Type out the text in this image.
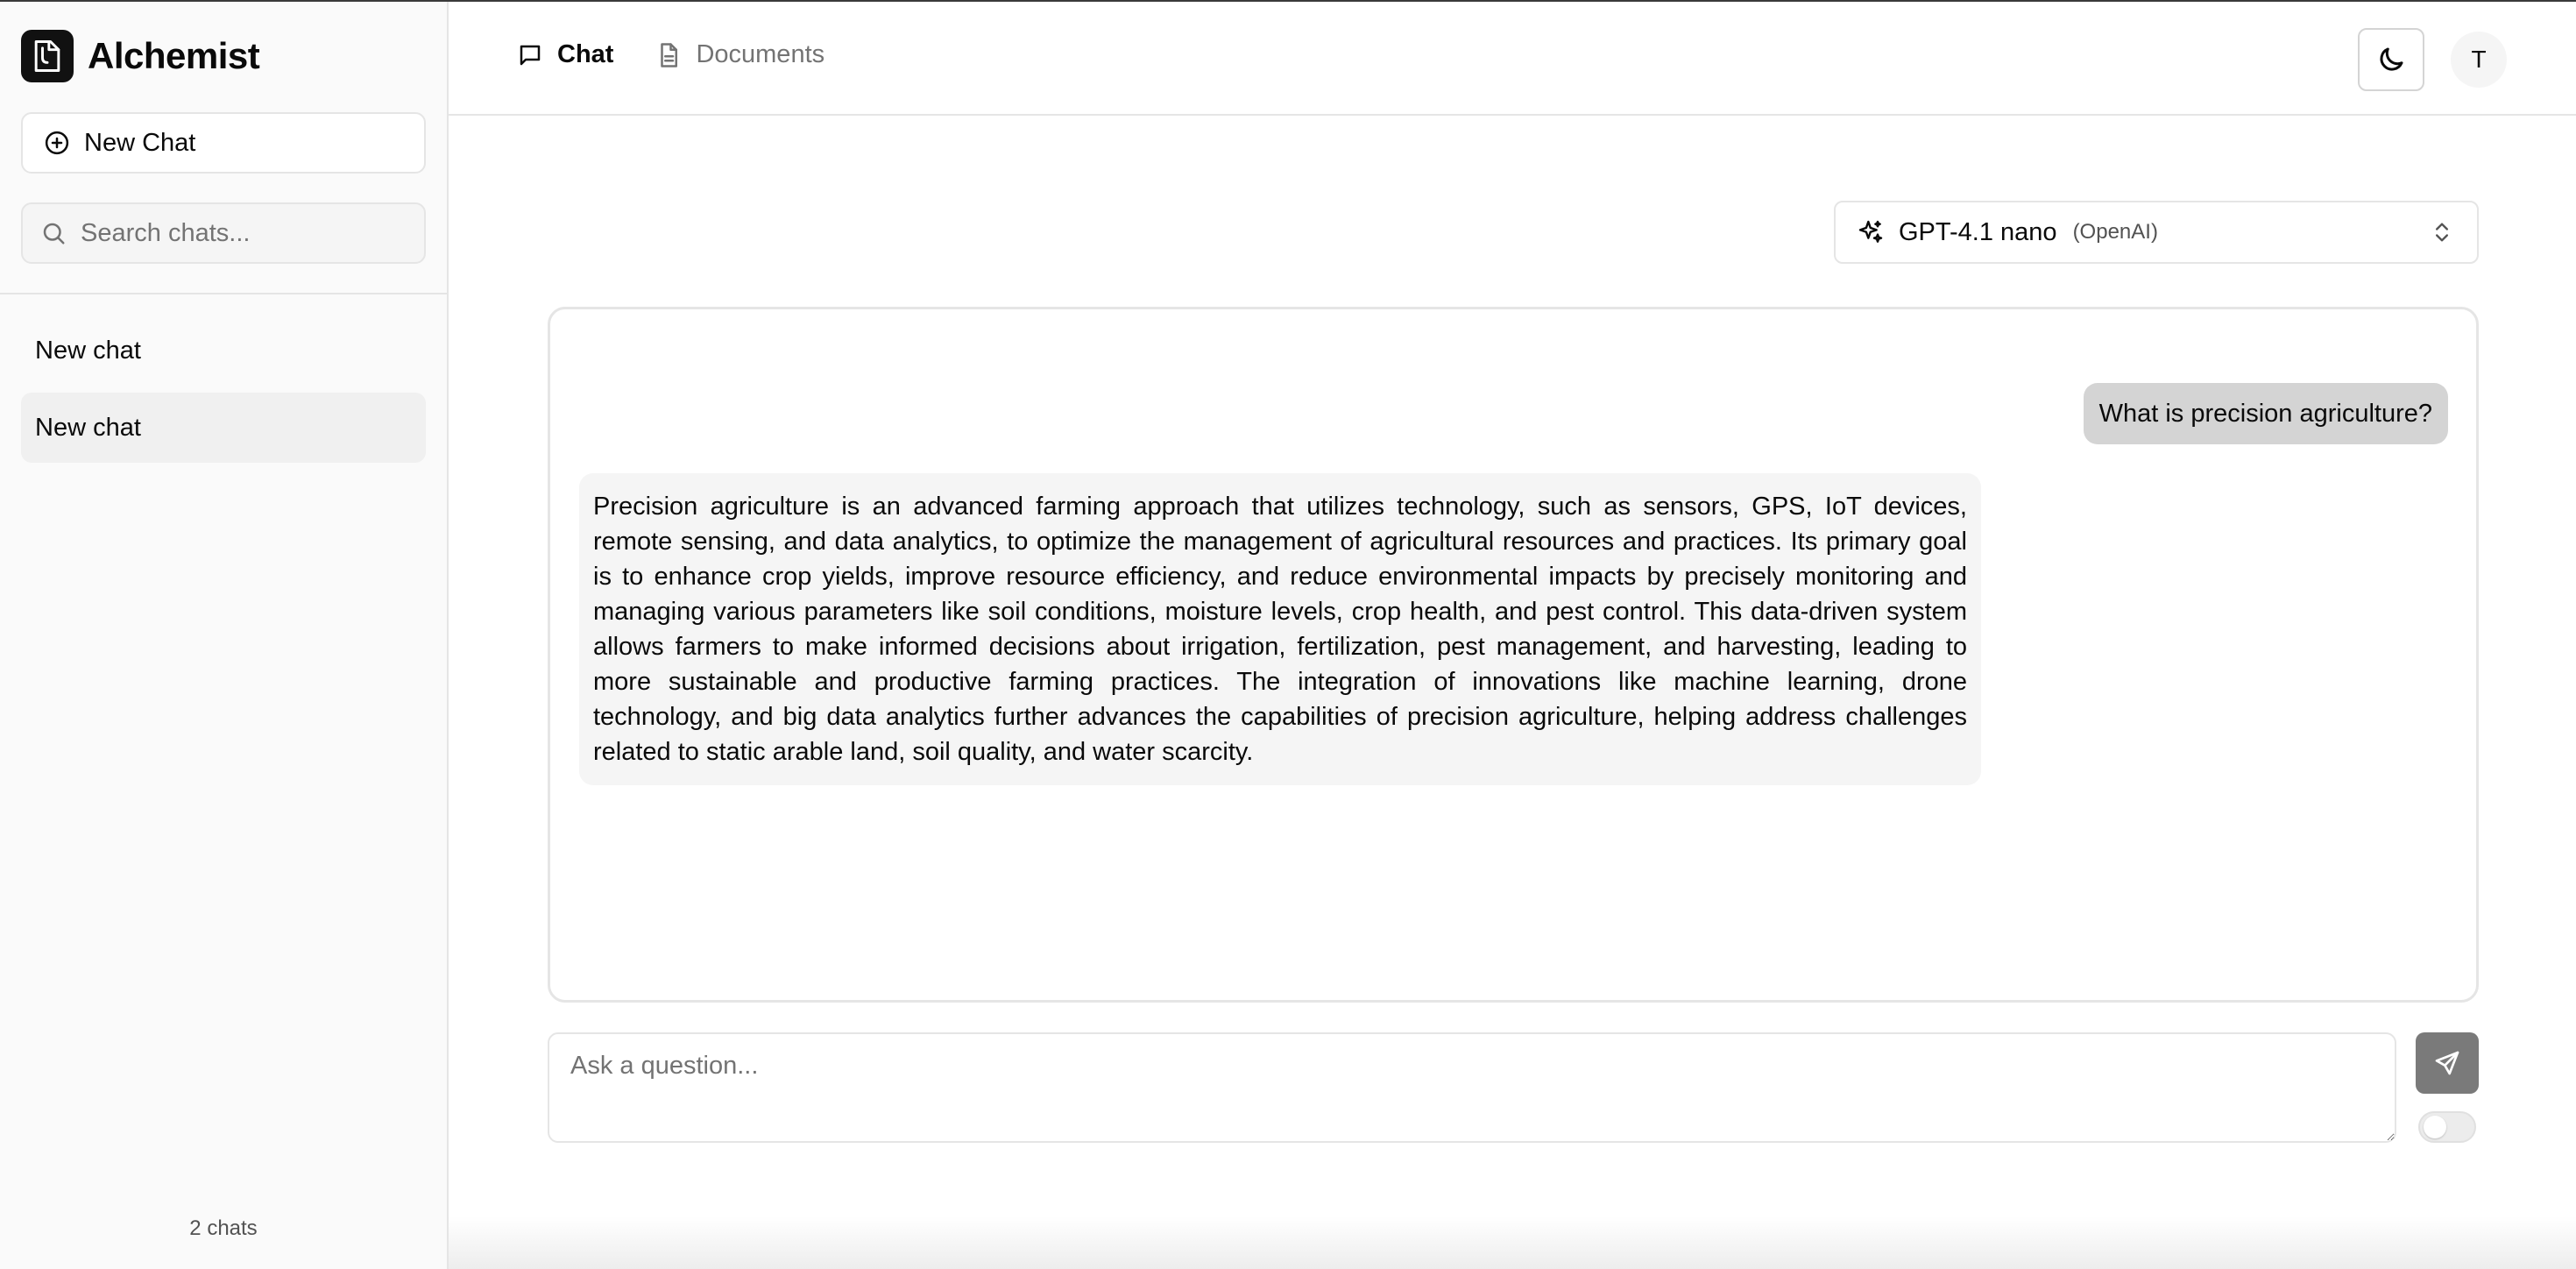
Alchemist
New Chat
Search chats...
New chat
New chat
2 chats
Chat	Documents	T
GPT-4.1 nano (OpenAI)
What is precision agriculture?
Precision agriculture is an advanced farming approach that utilizes technology, such as sensors, GPS, IoT devices, remote sensing, and data analytics, to optimize the management of agricultural resources and practices. Its primary goal is to enhance crop yields, improve resource efficiency, and reduce environmental impacts by precisely monitoring and managing various parameters like soil conditions, moisture levels, crop health, and pest control. This data-driven system allows farmers to make informed decisions about irrigation, fertilization, pest management, and harvesting, leading to more sustainable and productive farming practices. The integration of innovations like machine learning, drone technology, and big data analytics further advances the capabilities of precision agriculture, helping address challenges related to static arable land, soil quality, and water scarcity.
Ask a question...
